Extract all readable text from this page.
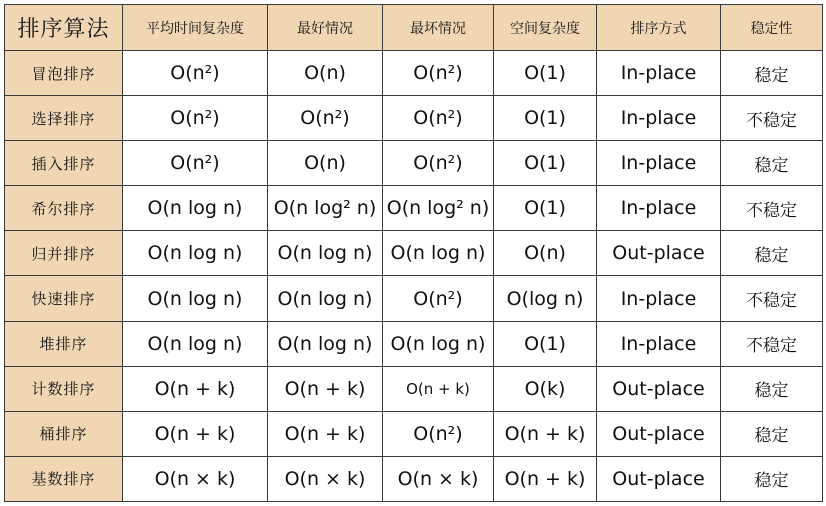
排序算法	平均时间复杂度	最好情况	最坏情况	空间复杂度	排序方式	稳定性
冒泡排序	O(n²)	O(n)	O(n²)	O(1)	In-place	稳定
选择排序	O(n²)	O(n²)	O(n²)	O(1)	In-place	不稳定
插入排序	O(n²)	O(n)	O(n²)	O(1)	In-place	稳定
希尔排序	O(n log n)	O(n log² n)	O(n log² n)	O(1)	In-place	不稳定
归并排序	O(n log n)	O(n log n)	O(n log n)	O(n)	Out-place	稳定
快速排序	O(n log n)	O(n log n)	O(n²)	O(log n)	In-place	不稳定
堆排序	O(n log n)	O(n log n)	O(n log n)	O(1)	In-place	不稳定
计数排序	O(n + k)	O(n + k)	O(n + k)	O(k)	Out-place	稳定
桶排序	O(n + k)	O(n + k)	O(n²)	O(n + k)	Out-place	稳定
基数排序	O(n × k)	O(n × k)	O(n × k)	O(n + k)	Out-place	稳定
